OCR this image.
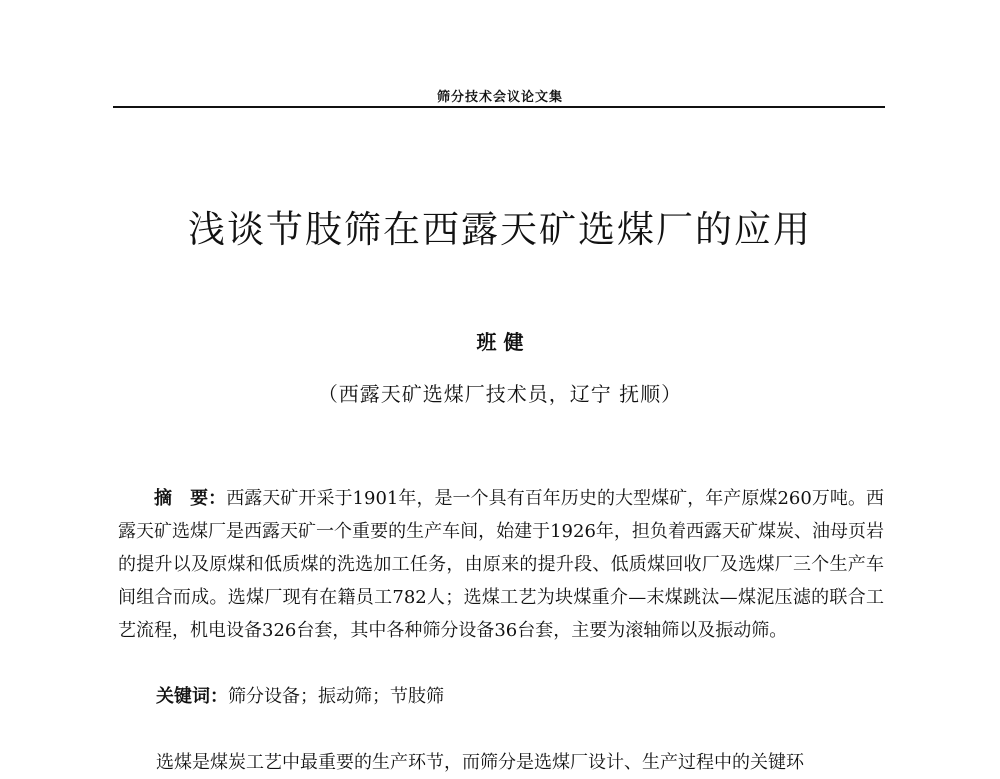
筛分技术会议论文集
浅谈节肢筛在西露天矿选煤厂的应用
班 健
（西露天矿选煤厂技术员，辽宁 抚顺）

摘　要：西露天矿开采于1901年，是一个具有百年历史的大型煤矿，年产原煤260万吨。西露天矿选煤厂是西露天矿一个重要的生产车间，始建于1926年，担负着西露天矿煤炭、油母页岩的提升以及原煤和低质煤的洗选加工任务，由原来的提升段、低质煤回收厂及选煤厂三个生产车间组合而成。选煤厂现有在籍员工782人；选煤工艺为块煤重介—末煤跳汰—煤泥压滤的联合工艺流程，机电设备326台套，其中各种筛分设备36台套，主要为滚轴筛以及振动筛。

关键词：筛分设备；振动筛；节肢筛
选煤是煤炭工艺中最重要的生产环节，而筛分是选煤厂设计、生产过程中的关键环
